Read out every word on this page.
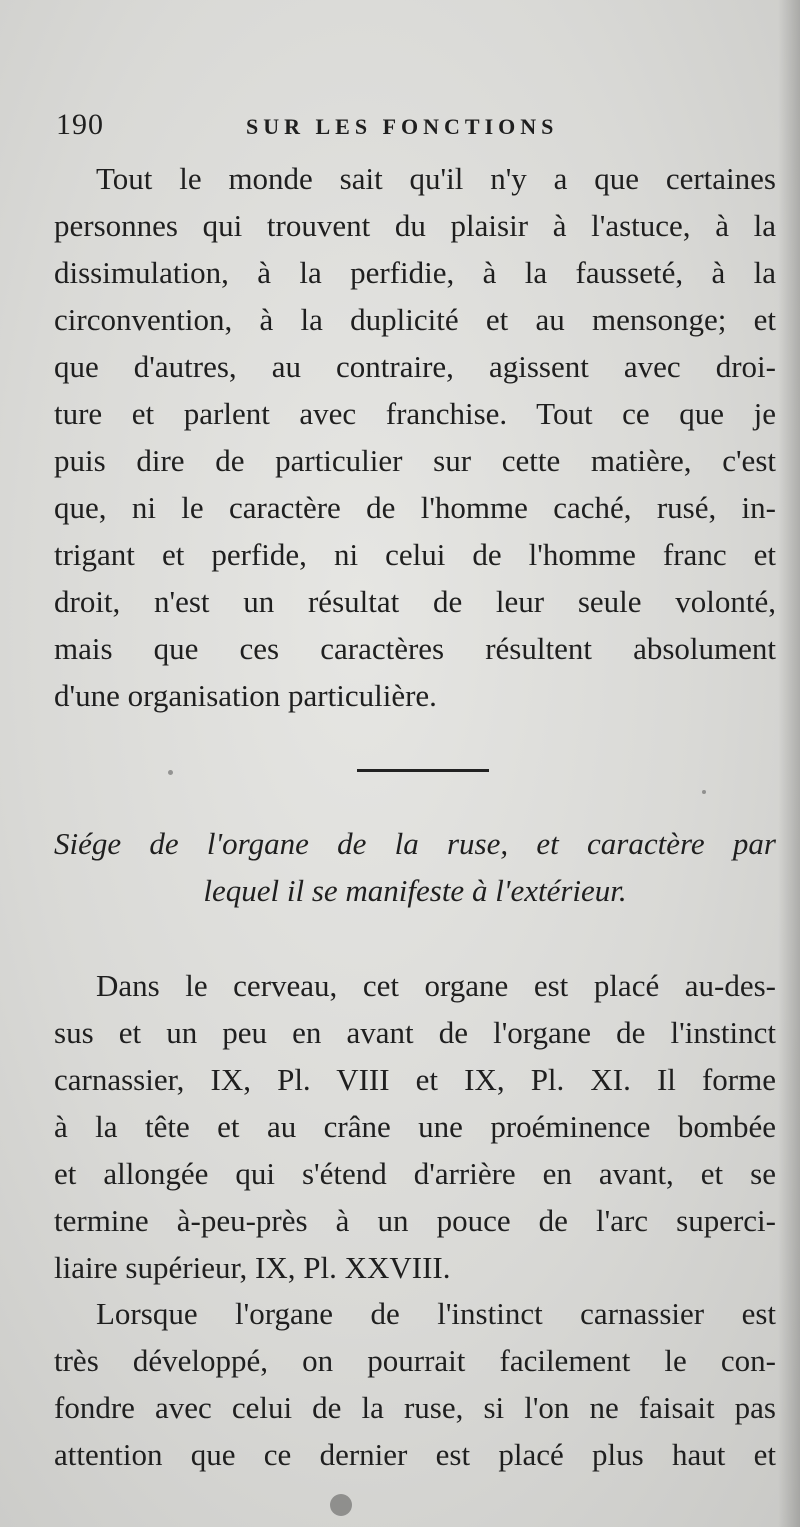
190	SUR LES FONCTIONS
Tout le monde sait qu'il n'y a que certaines
personnes qui trouvent du plaisir à l'astuce, à la
dissimulation, à la perfidie, à la fausseté, à la
circonvention, à la duplicité et au mensonge; et
que d'autres, au contraire, agissent avec droi-
ture et parlent avec franchise. Tout ce que je
puis dire de particulier sur cette matière, c'est
que, ni le caractère de l'homme caché, rusé, in-
trigant et perfide, ni celui de l'homme franc et
droit, n'est un résultat de leur seule volonté,
mais que ces caractères résultent absolument
d'une organisation particulière.
Siége de l'organe de la ruse, et caractère par
lequel il se manifeste à l'extérieur.
Dans le cerveau, cet organe est placé au-des-
sus et un peu en avant de l'organe de l'instinct
carnassier, IX, Pl. VIII et IX, Pl. XI. Il forme
à la tête et au crâne une proéminence bombée
et allongée qui s'étend d'arrière en avant, et se
termine à-peu-près à un pouce de l'arc superci-
liaire supérieur, IX, Pl. XXVIII.
Lorsque l'organe de l'instinct carnassier est
très développé, on pourrait facilement le con-
fondre avec celui de la ruse, si l'on ne faisait pas
attention que ce dernier est placé plus haut et
